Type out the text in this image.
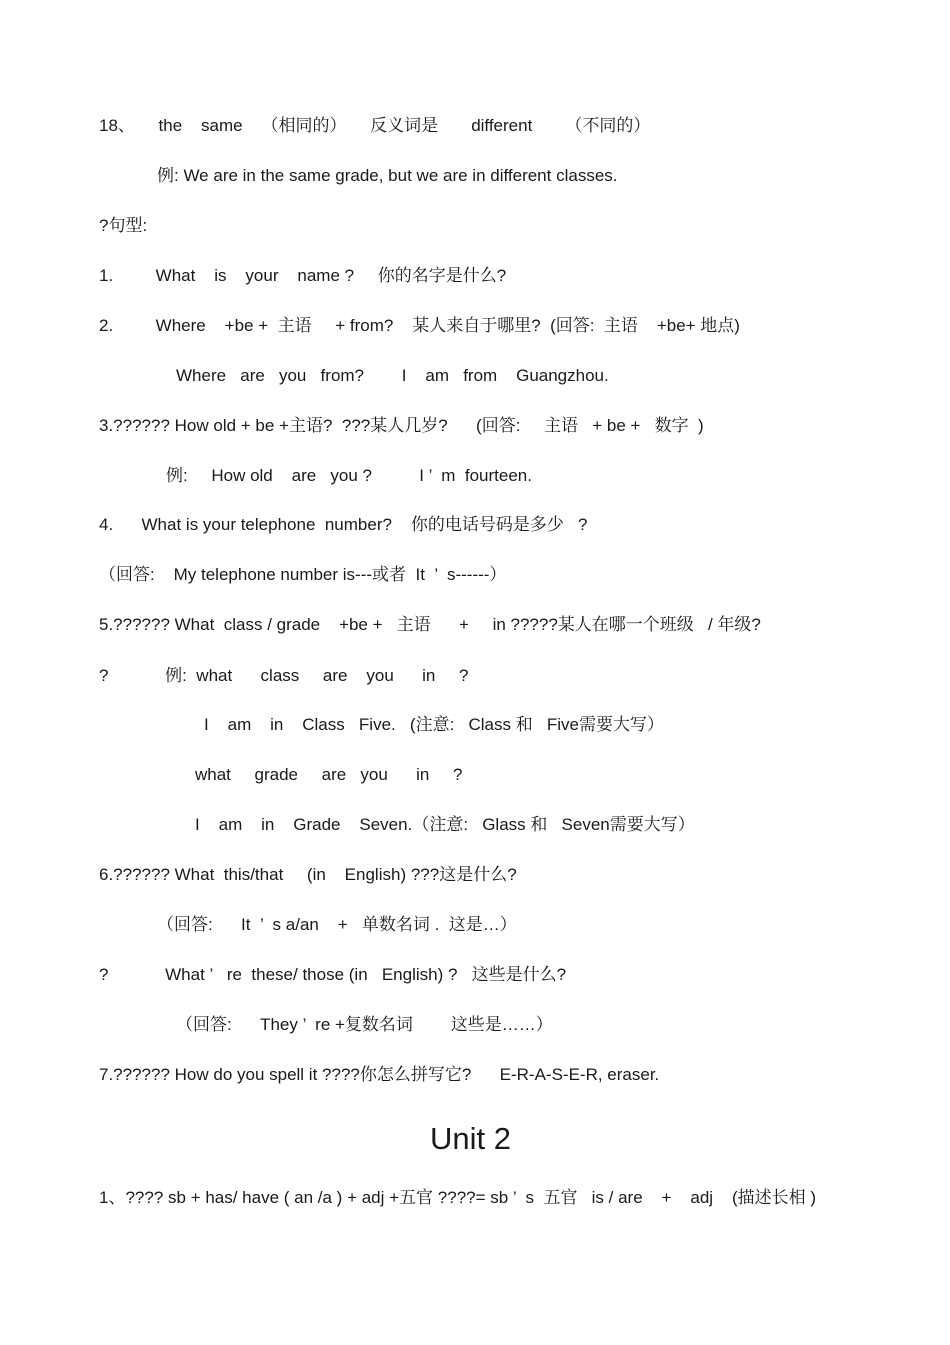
18、     the    same    （相同的）     反义词是       different       （不同的）
例: We are in the same grade, but we are in different classes.
?句型:
1.         What    is    your    name ?     你的名字是什么?
2.         Where    +be +  主语     + from?    某人来自于哪里?  (回答:  主语    +be+ 地点)
Where   are   you   from?        I    am   from    Guangzhou.
3.?????? How old + be +主语?  ???某人几岁?      (回答:     主语   + be +   数字  )
例:     How old    are   you ?          I ’  m  fourteen.
4.      What is your telephone  number?    你的电话号码是多少   ?
（回答:    My telephone number is---或者  It  ’  s------）
5.?????? What  class / grade    +be +   主语      +     in ?????某人在哪一个班级   / 年级?
?            例:  what      class     are    you      in     ?
I    am    in    Class   Five.   (注意:   Class 和   Five需要大写）
what     grade     are   you      in     ?
I    am    in    Grade    Seven.（注意:   Glass 和   Seven需要大写）
6.?????? What  this/that     (in    English) ???这是什么?
（回答:      It  ’  s a/an    +   单数名词 .  这是…）
?            What ’   re  these/ those (in   English) ?   这些是什么?
（回答:      They ’  re +复数名词        这些是……）
7.?????? How do you spell it ????你怎么拼写它?      E-R-A-S-E-R, eraser.
Unit 2
1、???? sb + has/ have ( an /a ) + adj +五官 ????= sb ’  s  五官   is / are    +    adj    (描述长相 )
